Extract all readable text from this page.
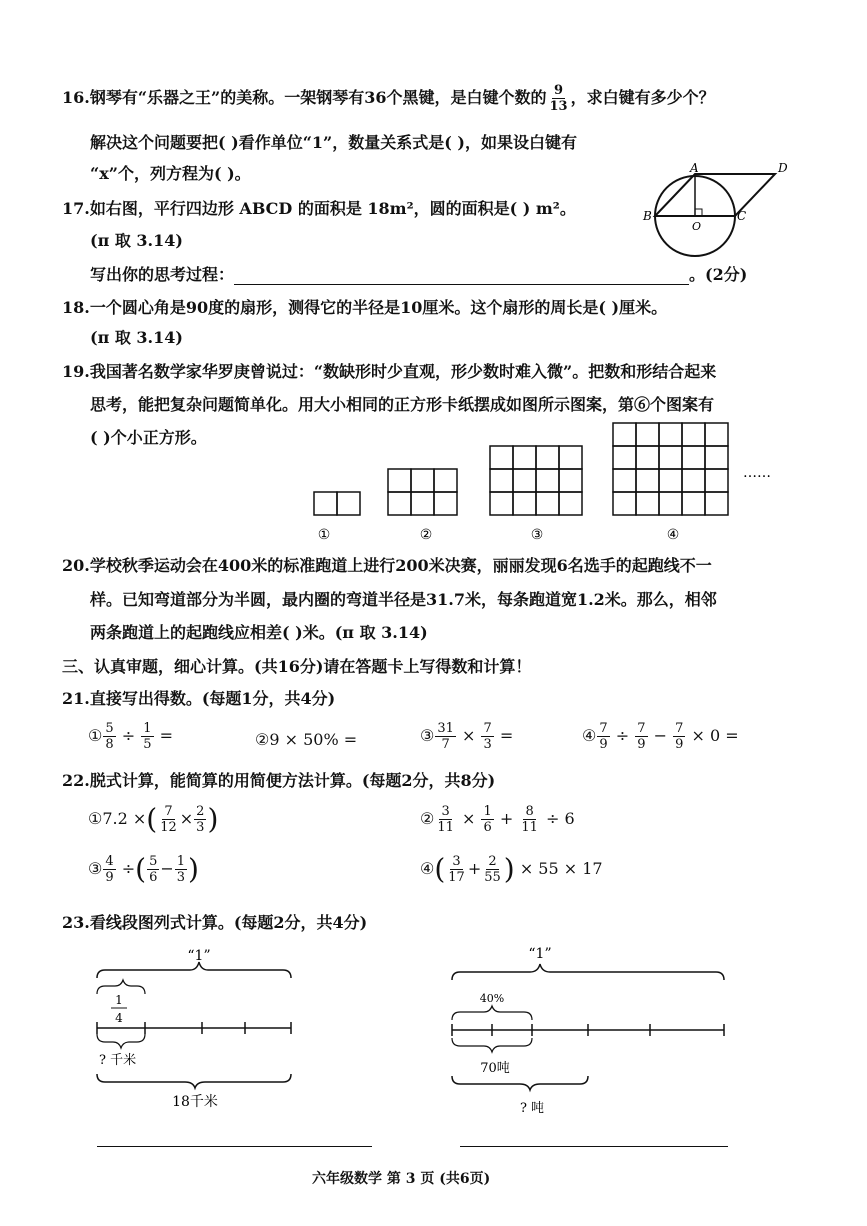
16.钢琴有“乐器之王”的美称。一架钢琴有36个黑键，是白键个数的 $\frac{9}{13}$ ，求白键有多少个？
解决这个问题要把( )看作单位“1”，数量关系式是( )，如果设白键有
“x”个，列方程为( )。
17.如右图，平行四边形 ABCD 的面积是 18m²，圆的面积是( ) m²。
(π 取 3.14)
写出你的思考过程：	。(2分)
A	D
B	C
O
18.一个圆心角是90度的扇形，测得它的半径是10厘米。这个扇形的周长是( )厘米。
(π 取 3.14)
19.我国著名数学家华罗庚曾说过：“数缺形时少直观，形少数时难入微”。把数和形结合起来
思考，能把复杂问题简单化。用大小相同的正方形卡纸摆成如图所示图案，第⑥个图案有
( )个小正方形。
①	②	③	④
……
20.学校秋季运动会在400米的标准跑道上进行200米决赛，丽丽发现6名选手的起跑线不一
样。已知弯道部分为半圆，最内圈的弯道半径是31.7米，每条跑道宽1.2米。那么，相邻
两条跑道上的起跑线应相差( )米。(π 取 3.14)
三、认真审题，细心计算。(共16分)请在答题卡上写得数和计算！
21.直接写出得数。(每题1分，共4分)
① $\frac{5}{8} \div \frac{1}{5}$ =	②9 × 50% =	③ $\frac{31}{7} \times \frac{7}{3}$ =	④ $\frac{7}{9} \div \frac{7}{9} - \frac{7}{9} \times 0$ =
22.脱式计算，能简算的用简便方法计算。(每题2分，共8分)
①7.2 ×( $\frac{7}{12} \times \frac{2}{3}$ )	② $\frac{3}{11} \times \frac{1}{6} + \frac{8}{11} \div 6$
③ $\frac{4}{9}$ ÷( $\frac{5}{6} - \frac{1}{3}$ )	④( $\frac{3}{17} + \frac{2}{55}$ ) × 55 × 17
23.看线段图列式计算。(每题2分，共4分)
“1”
1
4
? 千米
18千米
“1”
40%
70吨
? 吨
六年级数学 第 3 页 (共6页)
